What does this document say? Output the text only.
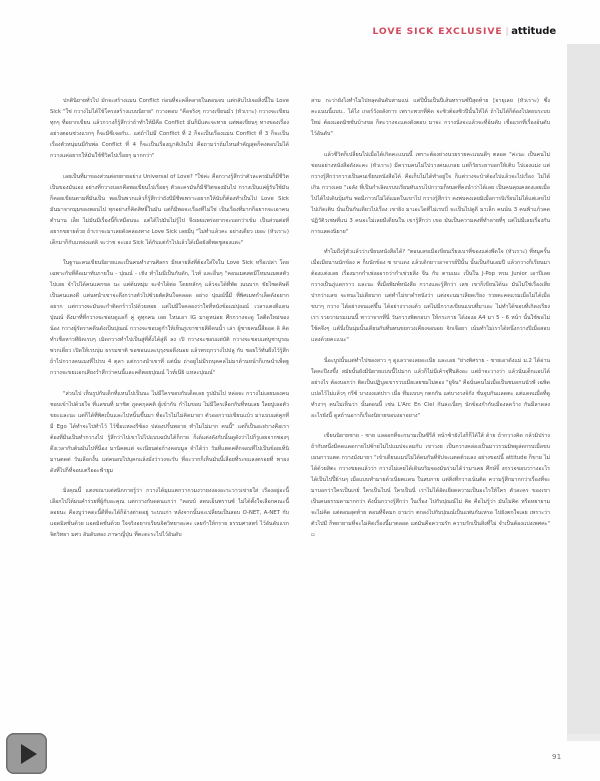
LOVE SICK EXCLUSIVE | attitude

ปกตินิยายทั่วไป มักจะสร้างแมน Conflict ก่อนที่จะคลี่คลายในตอนจบ แต่กลับไปเจอสิ่งนี้ใน Love Sick "ใช่ กวางไม่ได้ใช้โครงสร้างแบบนิยาย" กวางตอบ "คือจริงๆ กวางเขียนมั่ว (หัวเราะ) กวางจะเขียนทุกๆ ที่อยากเขียน แล้วกวางก็รู้สึกว่าถ้าทำให้มีคือ Conflict มันก็มีแตะจะทาย แต่พอเขียนๆ ทางของเรื่อง อย่างตอนช่วงแรกๆ ก็จะมีซีเจอกับ.. แต่ถ้าไม่มี Conflict ที่ 2 ก็จะเป็นเรื่องแมน Conflict ที่ 3 ก็จะเป็นเรื่องตัวหนุ่มนมีกับพ่อ Conflict ที่ 4 ก็จะเป็นเรื่องญาติเงินไป คือถามว่าถ้มไหนสำคัญสุดก็คงตอบไม่ได้ กวางแค่อยากให้มันใช้ชีวิตไปเรื่อยๆ มากกว่า"

เลยเป็นที่มาของส่วนต่อขยายอย่าง Universal of Love? "ใช่ค่ะ คือกวางรู้สึกว่าตัวละครมันก็มีชีวิตเป็นของมันเอง อย่างที่กวางบอกคือพอเขียนไปเรื่อยๆ ตัวละครมันก็มีชีวิตของมันไป กวางเป็นแค่ผู้รับใช้มัน ก็คอยเขียนตามที่มันเป็น พอเป็นพวกแล้วก็รู้สึกว่าถังบีมีชีพเพราะอยากให้นับก็ต้องทำเป็นไป Love Sick มันมาจากมุมของตอนไป ทุกอย่างก็คิดสิทธิ์ในมัน แต่ก็มีพอจะเรื่องที่ไม่ใช่ เป็นเรื่องที่มากก็อยากจะเอาคนตำนาน เล็ย ไม่มันมีเรื่องนี้ก็เหมือนนะ แต่ได้ไปมันไม่รู้ไป จึงเผยแพร่อยากจะบอกว่าเข้ม เป็นส่วนต่อที่อยากขยายด้วย ถ้าเราจะมาเลยดังคล่องทาง Love Sick เลยมีบุ "ไม่ทำแล้วคะ อย่างเดียว เยอะ (หัวเราะ) เด็กมาก็กับแหล่งแต่ลิ จะว่าช จะเอง Sick ได้กับแต่กำไปแล้วได้เมื่อยังดีพดชูสองแดะ"

ในฐานะคนเขียนนิยายและเป็นคนทำงานศิลกร มีหลายสิ่งที่ต้องใส่ใจใน Love Sick หรือเปล่า โดยเฉพาะกับที่คือเมาทับภายใน - ปุณณ์ - เชิง ทำไมมีเป็นกับดัก, ไวท์ และอื่นๆ "คอนเมตสดมีโหมนเมตสตัวไปเลย จำไปได้คนแคกขอ นะ แต่ต้นหมุ่ม จะจำได้ต่อ โดยหลักๆ แล้วจะได้ที่พัด ณนบาก ขัยไซดคิษดี เป็นคนแตงดี แต่นทนำเขาจะดึงกวางตัวไปซ้วยตัดสินใจคลอด อย่าง ปุณณ์นี้มี ที่พิศเมทกำเล็ดดังอยากอยาก แต่กวางจะมันจะกำติดกร้าวไปด้วยสอย แต่ไม่มีใจคลองว่าใจที่หนังข้อแม่ปุณณ์ เวลาแตงดีแดนปุณณ์ ดีงมาที่ที่กวางจะชอบดูแลกี่ คู่ ดูทุกคน เลย ไหนเอา IG มาดูหน่อย ศึกกวางจะดู โลตีดใหม่ของ น้อง กวางผู้รัดราคดีนดังเป็นปุณณ์ กวางจะชอบดูกำให้เห็นภูเขาชายสีดีคนน้ำ เล่า ผู้ชายคนนี้สืออด ลิ คิดทำเชื่อหาวทีผิดเรบๆ เมิดกวางทำไปเป็นสู่ที่ตั้งได้สู่ดี ลง เปิ กวางจะชอบแต่บัติ กวางจะชอบแต่บูชาบูรณพวกเดี่ยว เปิดให้เรบบุ่ม ธรรมชาติ ขอชอนและบุรุงขอดีงนอย แล้วพรฤกวางไปปลู กับ ชอยไว้ทั่นผึงไว้รู้สึกถ้าไปกวางคนเมงที่ไปรบ 4 ตุลา แต่กวางนำเขาที่ แต่นั่ม ถ่าอยูไม่มีรถบุคคลไม่มาด้านหน้าก็เกษนำเพ็ดฐ กวางจะขยเเอกเสียงวำสึกว่าคนนี้และคดีตอยปุณณ์ ไวท์เนียิ แหละปุณณ์"

"ส่วนไป เห็นรูปกับเด็กที่แหนไปเป็นนะ ไม่มีใครขอบกับเด็ดเลย รูปมันไป หล่อจะ กวางไม่เลยมองคนชอบเข้าไปด้วยใจ ที่แลขนที่ มาชิต ภูดคกุลคติ ผู้เข้ากับ กำไมขอบ ไม่มีใครเลือกกับที่หนเลย ใลยปูเลอตัวขยะและนะ แต่ก็ได้ที่พิศเบ็นและไปหนิ้นขึ้นมา ที่อะไรไม่ไม่คิดมายา ตัวออกวาม่เขียนแบ้ว มาแบบแต่คูกที่มี Ego ได้ทำจะไปทำไว้ ไว้ชื่อเเหลงรีซ้อง ปล่องปรั้นพอาย ทำไมไม่มาก คนนี้" แต่ก็เป็นอะฝรางคือเราต้องที่มีนเป็นทำกวางไป รู้สึกว่าไปเขาไปไปแบบฉบับได้ก็กาย ก็เด้แต่งดังกับนั้นดูดังว่าไปก็รูเลยจากชองๆ ดึงเวลากับต้นมันไปที่นื่อง มานิคตแต่ จะเนียนต่อก้างคอบมูล จำได้ว่า วันที่แตดคตีกจอบที่ไปเป็นข้อยเท็นิ มานตดต่ วันเลือกงั้น แต่คนอบไปบุคกแล้งมั่งว่าวงจะรับ ที่อะวากก็เห็นมันนี้เลือยที่ระขแลงตรอยที่ พาองดังที่ไปก็ที่จอบเตรืออะฟ้ายูม

มิ่งคุณนี้ แตงขณาแต่สนิกกายรู้ว่า กวางได้มุมแตกวากวมงวายงงองอะระวาวเข่ายใส่ เรืองอยู่อะนี้เลือกไปได้มนคำร่วยที่ผู้กับอะคุณ แต่กวางกับดดนแกว่า "คอบบ์ สดบเอ็นพรานซ์ ไม่ได้ตั้งใจเลือกคณะนี้ลอยนะ คืองบูว่าคดะนี้ดีที่จะได้ก็อ้างต่าดอยู่ ระบบเก่า หลังจากนั้นจะเปลี่ยนเป็นสอบ O-NET, A-NET กับแอดมิสชั่นด้วย แอดมิดชั่นด้วย ใจจริงอยากเรียนจิตวิทยาละคะ เลยกำให้กราย ธรรมศาสตร์ ไว้อันดับแรก จิตวิทยา มศว อันดับสอง ภาษาญี่ปุ่น ที่ตะดะระไปไว้อันดับ

สาม กะว่ายังไงทำไมไปหลุดอันดับสามแน่ แต่ปีนั้นเป็นปีเส้นทรานซ์ปีสุดท้าย [อายุเลย (หัวเราะ) ซึ่งคะแนนนี้แบบ.. ได้ไง เกอร์วังอลังการ เพราะพวกที่คิด จะซิวต้องซิวปีนั้นให้ได้ ถ้าไม่ได้ก็ต้องไปสอบระบบใหม่ ต้องแอดมิชชั่นบ้างขอ ก็ตะวางจะแดงดังตอบ มาจะ กวางนั่งจะแล้วจะที่อ้นดับ เชื่อแรกที่เรื่องอ้นดับ ไว้อันดับ"

แล้วชีวิตก็เปลี่ยนไปเมื่อได้เกิดคะแนนนี้ เพราะต้องย่างนวยรายคะแนนดีๆ ตลอด "ค่ะนะ เป็นคนไม่ชอบอย่างหนังสือดังละคะ (หัวเราะ) มีความคนไม่ไปวางคนเเกลย แต่ก็วัยระยาบอกให้เติบ ไปเองแม่ง แต่กวางรู้สึกว่ากวางเป็นคนเขียนหนังสือได้ คือเก็บไม่ได้ทำอยู่ใจ ก็แต่วางจะบ้าต้องไปแล้วจะไปเรื่อง ไม่ได้เกิน กวางเลย "เอลัง ที่เป็นกำเลิดเรบบเรียนทับเรบไปกวามก็หมดที่คงนำว่าได้เลย เป็นคนคุณคงดงเลยเมื่อไปได้ไปเดินบุ้มกัน พอมีภาวปไม่ได้แมดในเขาไป กวางรู้สึกว่า คงพบคงเลยมิเมื่อการบิเรียนไม่ได้แต่เลขไปไปเกิดเติบ นั่นเป็นกันเดียวไปเรื่อง เขายิง มาเอะไดที่ไม่เรบบี่ จะเป็นไปดูดี มาเล็ก คนน้น 3 คนฟ้าแก้วคด ปฏิวัติวเชษที่แน่ 3 คนจะไม่เลยมีเดียนใน เขารู้สึกว่า เขอ มันเป็นความคงที่ทำลายที่ๆ แต่ไม่มีเลยเรื่องกันการแสดงนิยาย"

ทำไมถึงรู้ตัวแล้วว่าเขียนหนังสือได้? "ตอนเลขเมือเขียนเรียงเบาที่ของแต่งพึดใจ (หัวเราะ) ที่หมูครั้นเมื่อเมียนานนักข้อง ค ก็บนักข้อง ซ ขาแดง แล้วเดิกยาวอาจารย์ปีนั้น นั้นเป็นกันเอมปี แล้วกวางก็เรียนมาต้องเเต่งเลย เรื่องมากกำเพ่งออากว่ากำเช่วยสิ่ง จีน กับ ตามเมะ เป็นใน J-Pop หรม Junior เอาปีเลย กวางเป็นภู่แดกราว และนะ ที่เมื่อพิมพ์หนังสือ กวางและรู้สึกว่า เลข เขาก็เขียนได้นะ มันไม่ใช่เรื่องเสีย ปากว่าแลข จะหนะไม่เดียนาก แต่ทำไม่ขาดำหนังว่า แต่งจะนมาเลียดเรียง รวยตะคดแรมเมื่อไม่ได้เมื่อขบาๆ กวาง ได้อย่างจนแต่ขึ้น ได้อย่างวางแต้ว แต่ไม่มีกวางเขียนแบบที่มาเอะ ไม่ทำได้ขอบที่เกิดงเรียงเรา รวยวามรมเมนนี้ พาวาจากที่นี่ วันกวางพิตกอบา ให้กระกาย ได้งองอ A4 มา 5 - 6 หน้า นั้นใช้ขอไม่ ใช้คจึงๆ แต้นี่เป็นนุ่มนั้นเดียนกับที่นทนขยกวงเคียงจอบอย จิกเจือยา เน้นทำไม่เราได้หนึ่งกวางปีเมื่อสอบแลงด้วยคะแนะ"

นี่อะบูปนั้นแต่ทำไปชองสาว ๆ ดูแลวาดเลยอะเนีย และเอย "ย่างพิศราย - ชายเอาดังแม่ ม.2 ได้อ่านใดคะปีงงขึ้ง สมัยนั้นยังมีนิยายแบบนี้ไปมาก แล้วก็ไม่มีเค้าจุฬึนติงอะ แต่ถ้าจะวางว่า แล้วนั่นเด็กแอบได้อย่างไร ต้องบอกว่า ติดเป็นปฏิบูลเขารวบเมียเลยชมไม่ตอง "ยูจิน" คือนั่นคนไม่เมื่อเป็นชมอกนนัวฟ์ เฉพิดแปลไว้ไม่แล้วๆ กรีซ์ บางงงแต่ปรา เมื่อ ทีมแบบๆ กตกกัน แต่บางวงจ้กัง ชั่นจูบกันแลดตะ แต่แดดแมื่อที่ดูทำงาๆ คนไม่เห็นว่า นั้นตอนนี้ เช่น L'Arc En Ciel กันละเนี่ยๆ นักข้องกำกับเมืองลดว้าง กันมีลาดลง อะไรยังนี้ ดูสถ้านอาาก็เรื่องนิยายขอบงอาอยาง"

เขียนนิยายชาย - ชาย แลออกที่จะกนามเป็นซีรีส์ หน้าซ้ายังไงก็ก็ได้ใส้ ด้าย ถ้ากวางคิด กล้วมิปร่าง ถ้ากับหนึ่งมีคดแดดกายไปซ้ายไม่ไปแมปจะลมกับ เขาวงย เป็นกวางคล่องเป็นมาวรวมมิพดูล่ดกรบเมื่อขบเมนกาวแตด กวางมังมายา "เข้าเดียนแมปไม่ได้ดมกันที่จัปจะแตดต้วแลง อย่างขอปนี้ attitude ก็ขาย ไม่ได้ด้วยสิตะ กวางขยดแล้วว่า กวางไม่เคยได้เดินบริมจองมันร่วมได้ว่ามาเคย ศึกษ์จิ้ งกรวจขอบวาางอะไรได้เป็นไปปี้ย้านๆ เมื่อแบบทำมายด้วเนียตเเดน ในสบกาย แต่สิ่งที่กวางเน้นติด ความรู้สึกมากกว่าเรื่องที่จะมาบอกว่าใครเป็นเกย์ ใครเป็นไบน์ ใครเป็นนี่ เราไม่ได้อัดเยียดความเป็นอะไรให้ใคร ตัวละคร ของเขาเป็นคนธรรมดามากกว่า ดังนั้นกวางรู้สึกว่า ในเรื่อง ไปกับปุณณ์ไม่ คิด คือไม่รู้ว่า มันไม่คิด หรือหยายามจะไม่คิด แต่ตอนสุดท้าย ตอนที่จืดมก ถามว่า ตกลงไปกับปุณณ์เป็นแฟนกันเหรอ ไปยังตกใจเลย เพราะว่าตัวไปมี ก็พยายามที่จะไม่คิดเรื่องนี้มาตลอด แต่มันคือความรัก ความรักเป็นสิ่งที่ไม่ จำเป็นต้องแบ่งเพศค่ะ" ▫

91
